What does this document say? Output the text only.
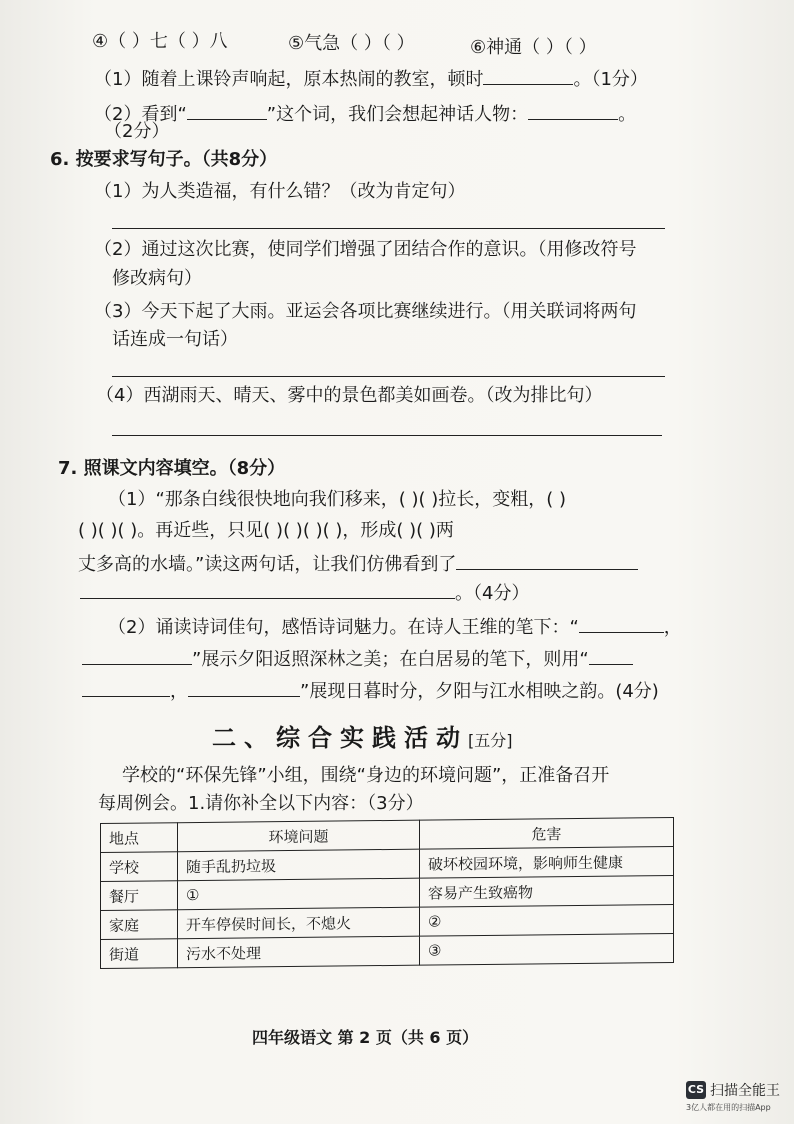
④（ ）七（ ）八	⑤气急（ ）（ ）	⑥神通（ ）（ ）
（1）随着上课铃声响起，原本热闹的教室，顿时	。（1分）
（2）看到“	”这个词，我们会想起神话人物：	。
（2分）
6. 按要求写句子。（共8分）
（1）为人类造福，有什么错？（改为肯定句）
（2）通过这次比赛，使同学们增强了团结合作的意识。（用修改符号
修改病句）
（3）今天下起了大雨。亚运会各项比赛继续进行。（用关联词将两句
话连成一句话）
（4）西湖雨天、晴天、雾中的景色都美如画卷。（改为排比句）
7. 照课文内容填空。（8分）
（1）“那条白线很快地向我们移来，( )( )拉长，变粗，( )
( )( )( )。再近些，只见( )( )( )( )，形成( )( )两
丈多高的水墙。”读这两句话，让我们仿佛看到了
。（4分）
（2）诵读诗词佳句，感悟诗词魅力。在诗人王维的笔下：“	，
”展示夕阳返照深林之美；在白居易的笔下，则用“
，	”展现日暮时分，夕阳与江水相映之韵。(4分)
二、综合实践活动[五分]
学校的“环保先锋”小组，围绕“身边的环境问题”，正准备召开
每周例会。1.请你补全以下内容：（3分）
地点	环境问题	危害
学校	随手乱扔垃圾	破坏校园环境，影响师生健康
餐厅	①	容易产生致癌物
家庭	开车停侯时间长，不熄火	②
街道	污水不处理	③
四年级语文 第 2 页（共 6 页）
CS 扫描全能王
3亿人都在用的扫描App
